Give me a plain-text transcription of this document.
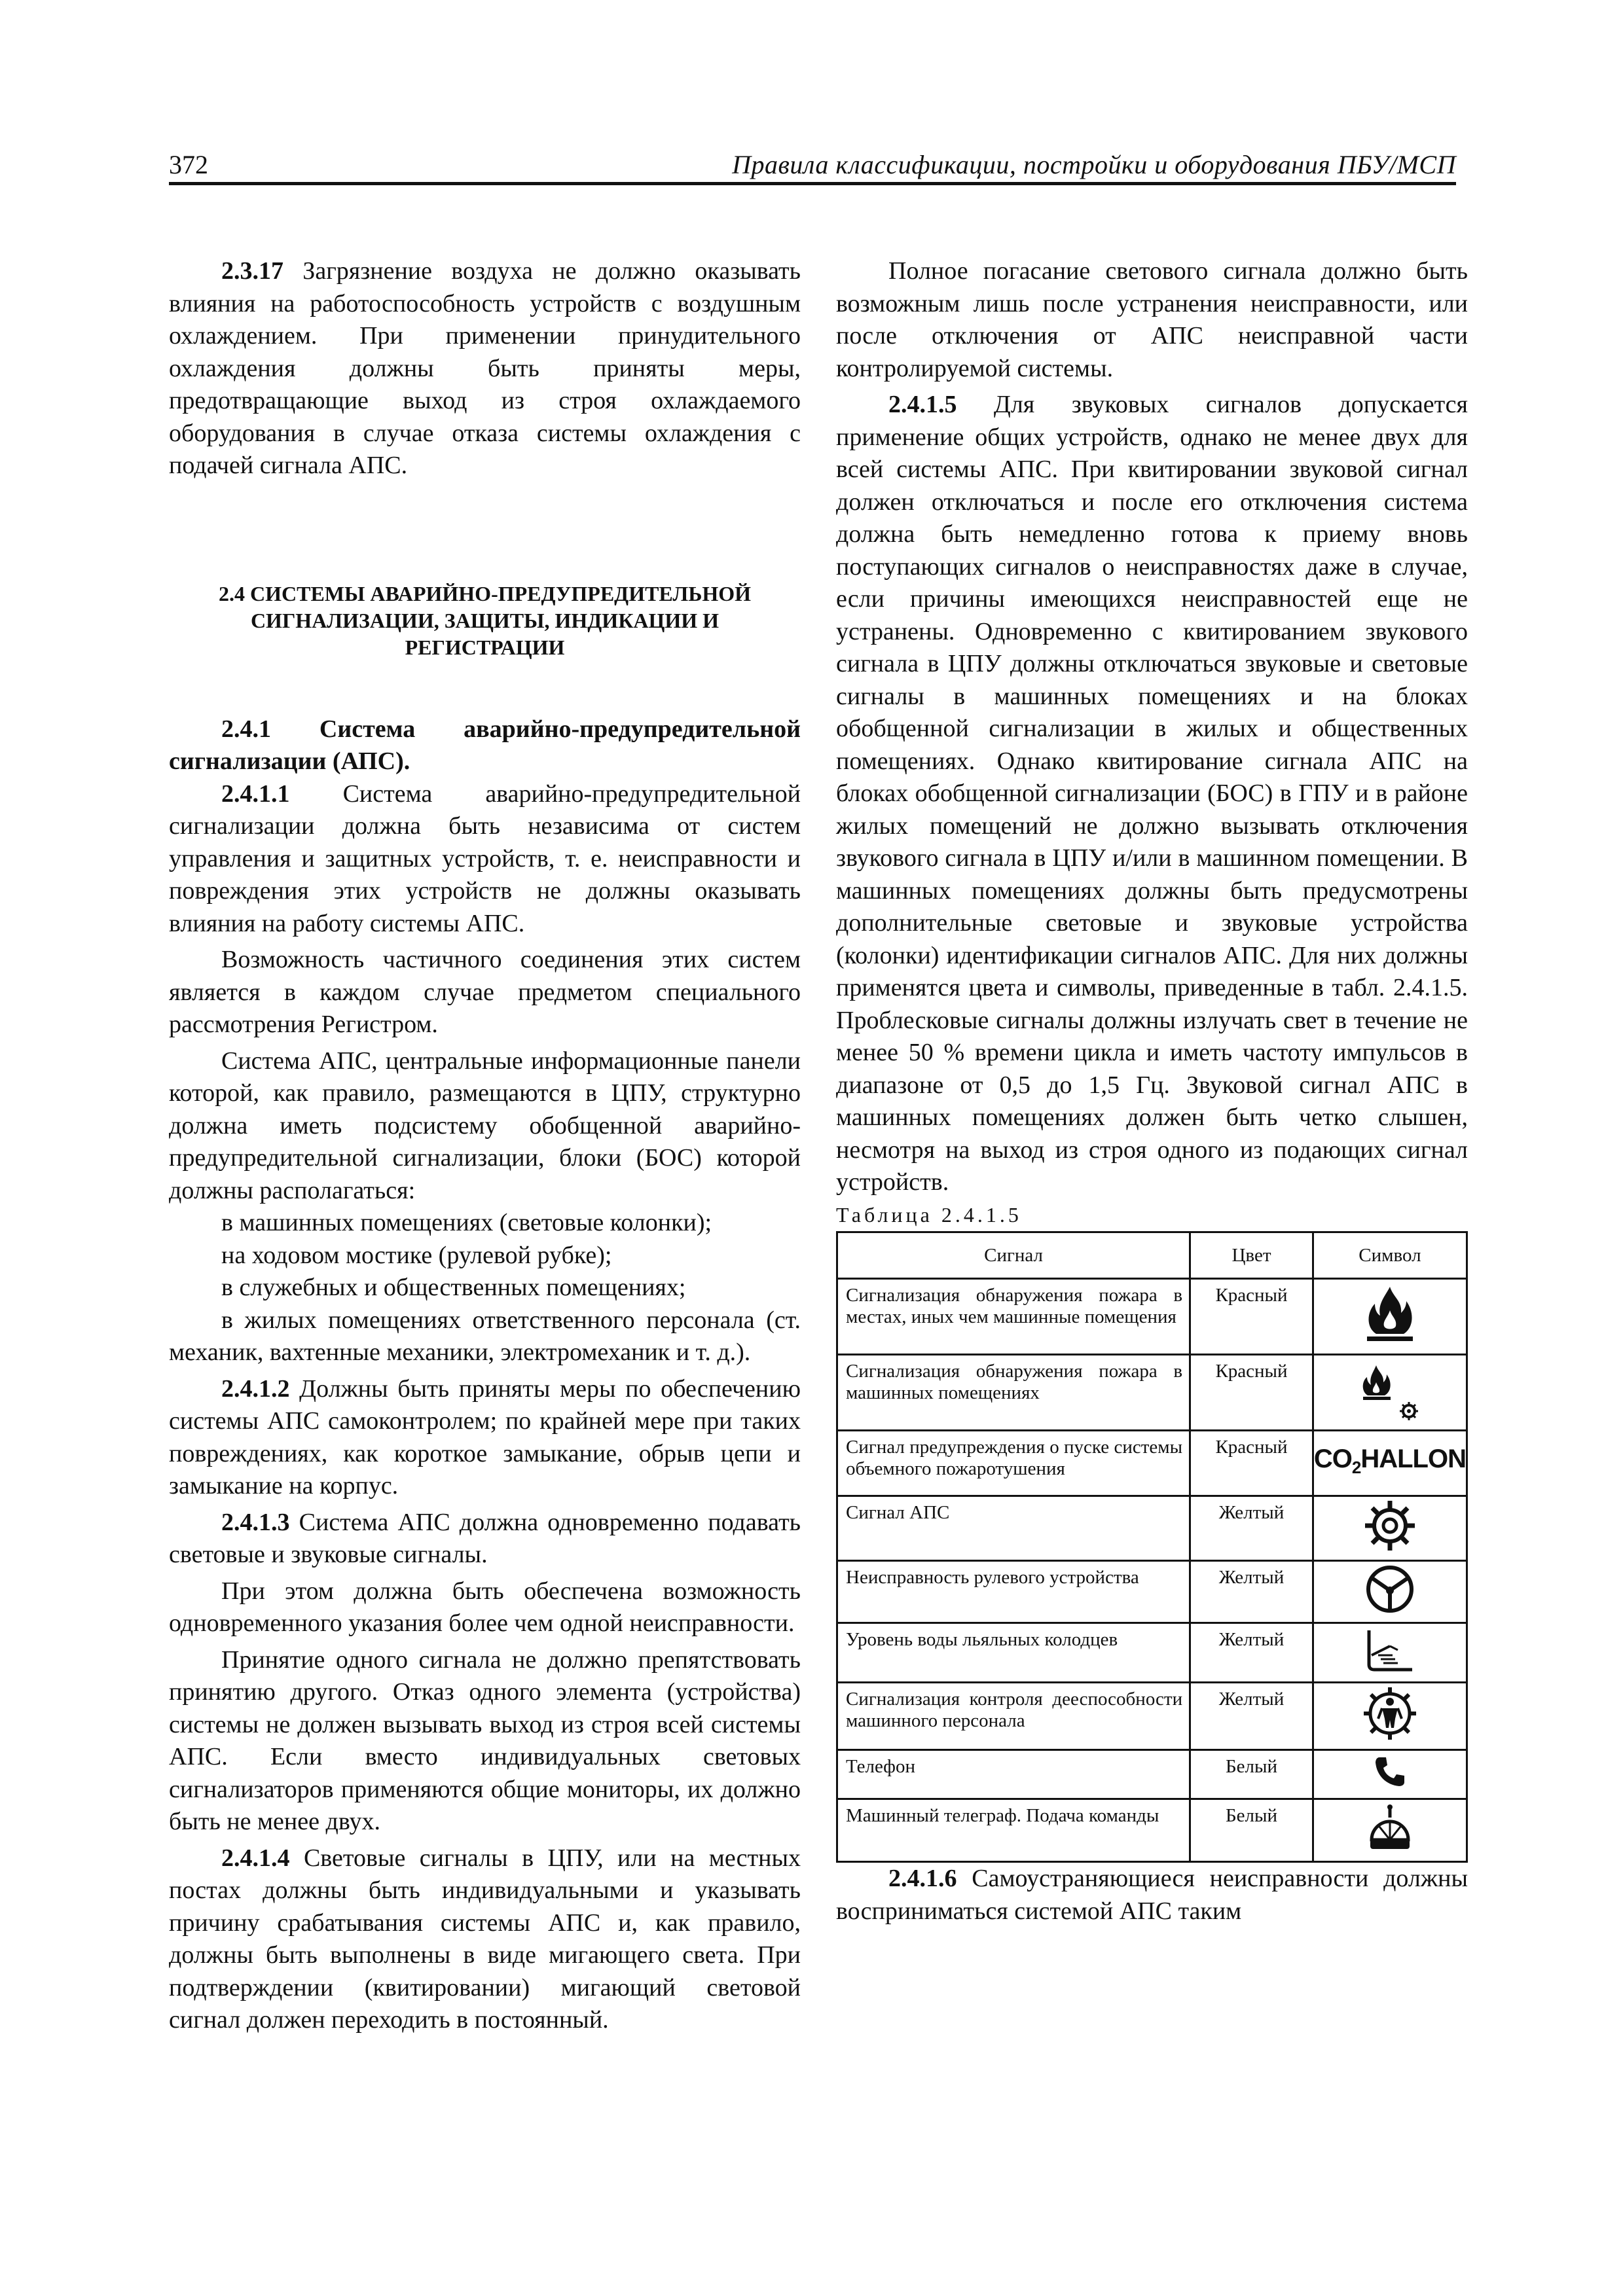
372	Правила классификации, постройки и оборудования ПБУ/МСП

2.3.17 Загрязнение воздуха не должно оказывать влияния на работоспособность устройств с воздушным охлаждением. При применении принудительного охлаждения должны быть приняты меры, предотвращающие выход из строя охлаждаемого оборудования в случае отказа системы охлаждения с подачей сигнала АПС.

2.4 СИСТЕМЫ АВАРИЙНО-ПРЕДУПРЕДИТЕЛЬНОЙ СИГНАЛИЗАЦИИ, ЗАЩИТЫ, ИНДИКАЦИИ И РЕГИСТРАЦИИ

2.4.1 Система аварийно-предупредительной сигнализации (АПС).

2.4.1.1 Система аварийно-предупредительной сигнализации должна быть независима от систем управления и защитных устройств, т. е. неисправности и повреждения этих устройств не должны оказывать влияния на работу системы АПС.

Возможность частичного соединения этих систем является в каждом случае предметом специального рассмотрения Регистром.

Система АПС, центральные информационные панели которой, как правило, размещаются в ЦПУ, структурно должна иметь подсистему обобщенной аварийно-предупредительной сигнализации, блоки (БОС) которой должны располагаться:

в машинных помещениях (световые колонки);

на ходовом мостике (рулевой рубке);

в служебных и общественных помещениях;

в жилых помещениях ответственного персонала (ст. механик, вахтенные механики, электромеханик и т. д.).

2.4.1.2 Должны быть приняты меры по обеспечению системы АПС самоконтролем; по крайней мере при таких повреждениях, как короткое замыкание, обрыв цепи и замыкание на корпус.

2.4.1.3 Система АПС должна одновременно подавать световые и звуковые сигналы.

При этом должна быть обеспечена возможность одновременного указания более чем одной неисправности.

Принятие одного сигнала не должно препятствовать принятию другого. Отказ одного элемента (устройства) системы не должен вызывать выход из строя всей системы АПС. Если вместо индивидуальных световых сигнализаторов применяются общие мониторы, их должно быть не менее двух.

2.4.1.4 Световые сигналы в ЦПУ, или на местных постах должны быть индивидуальными и указывать причину срабатывания системы АПС и, как правило, должны быть выполнены в виде мигающего света. При подтверждении (квитировании) мигающий световой сигнал должен переходить в постоянный.

Полное погасание светового сигнала должно быть возможным лишь после устранения неисправности, или после отключения от АПС неисправной части контролируемой системы.

2.4.1.5 Для звуковых сигналов допускается применение общих устройств, однако не менее двух для всей системы АПС. При квитировании звуковой сигнал должен отключаться и после его отключения система должна быть немедленно готова к приему вновь поступающих сигналов о неисправностях даже в случае, если причины имеющихся неисправностей еще не устранены. Одновременно с квитированием звукового сигнала в ЦПУ должны отключаться звуковые и световые сигналы в машинных помещениях и на блоках обобщенной сигнализации в жилых и общественных помещениях. Однако квитирование сигнала АПС на блоках обобщенной сигнализации (БОС) в ГПУ и в районе жилых помещений не должно вызывать отключения звукового сигнала в ЦПУ и/или в машинном помещении. В машинных помещениях должны быть предусмотрены дополнительные световые и звуковые устройства (колонки) идентификации сигналов АПС. Для них должны применятся цвета и символы, приведенные в табл. 2.4.1.5. Проблесковые сигналы должны излучать свет в течение не менее 50 % времени цикла и иметь частоту импульсов в диапазоне от 0,5 до 1,5 Гц. Звуковой сигнал АПС в машинных помещениях должен быть четко слышен, несмотря на выход из строя одного из подающих сигнал устройств.

Таблица 2.4.1.5

Сигнал	Цвет	Символ
Сигнализация обнаружения пожара в местах, иных чем машинные помещения	Красный	
Сигнализация обнаружения пожара в машинных помещениях	Красный	
Сигнал предупреждения о пуске системы объемного пожаротушения	Красный	$CO_2HALLON$
Сигнал АПС	Желтый	
Неисправность рулевого устройства	Желтый	
Уровень воды льяльных колодцев	Желтый	
Сигнализация контроля дееспособности машинного персонала	Желтый	
Телефон	Белый	
Машинный телеграф. Подача команды	Белый	

2.4.1.6 Самоустраняющиеся неисправности должны восприниматься системой АПС таким
